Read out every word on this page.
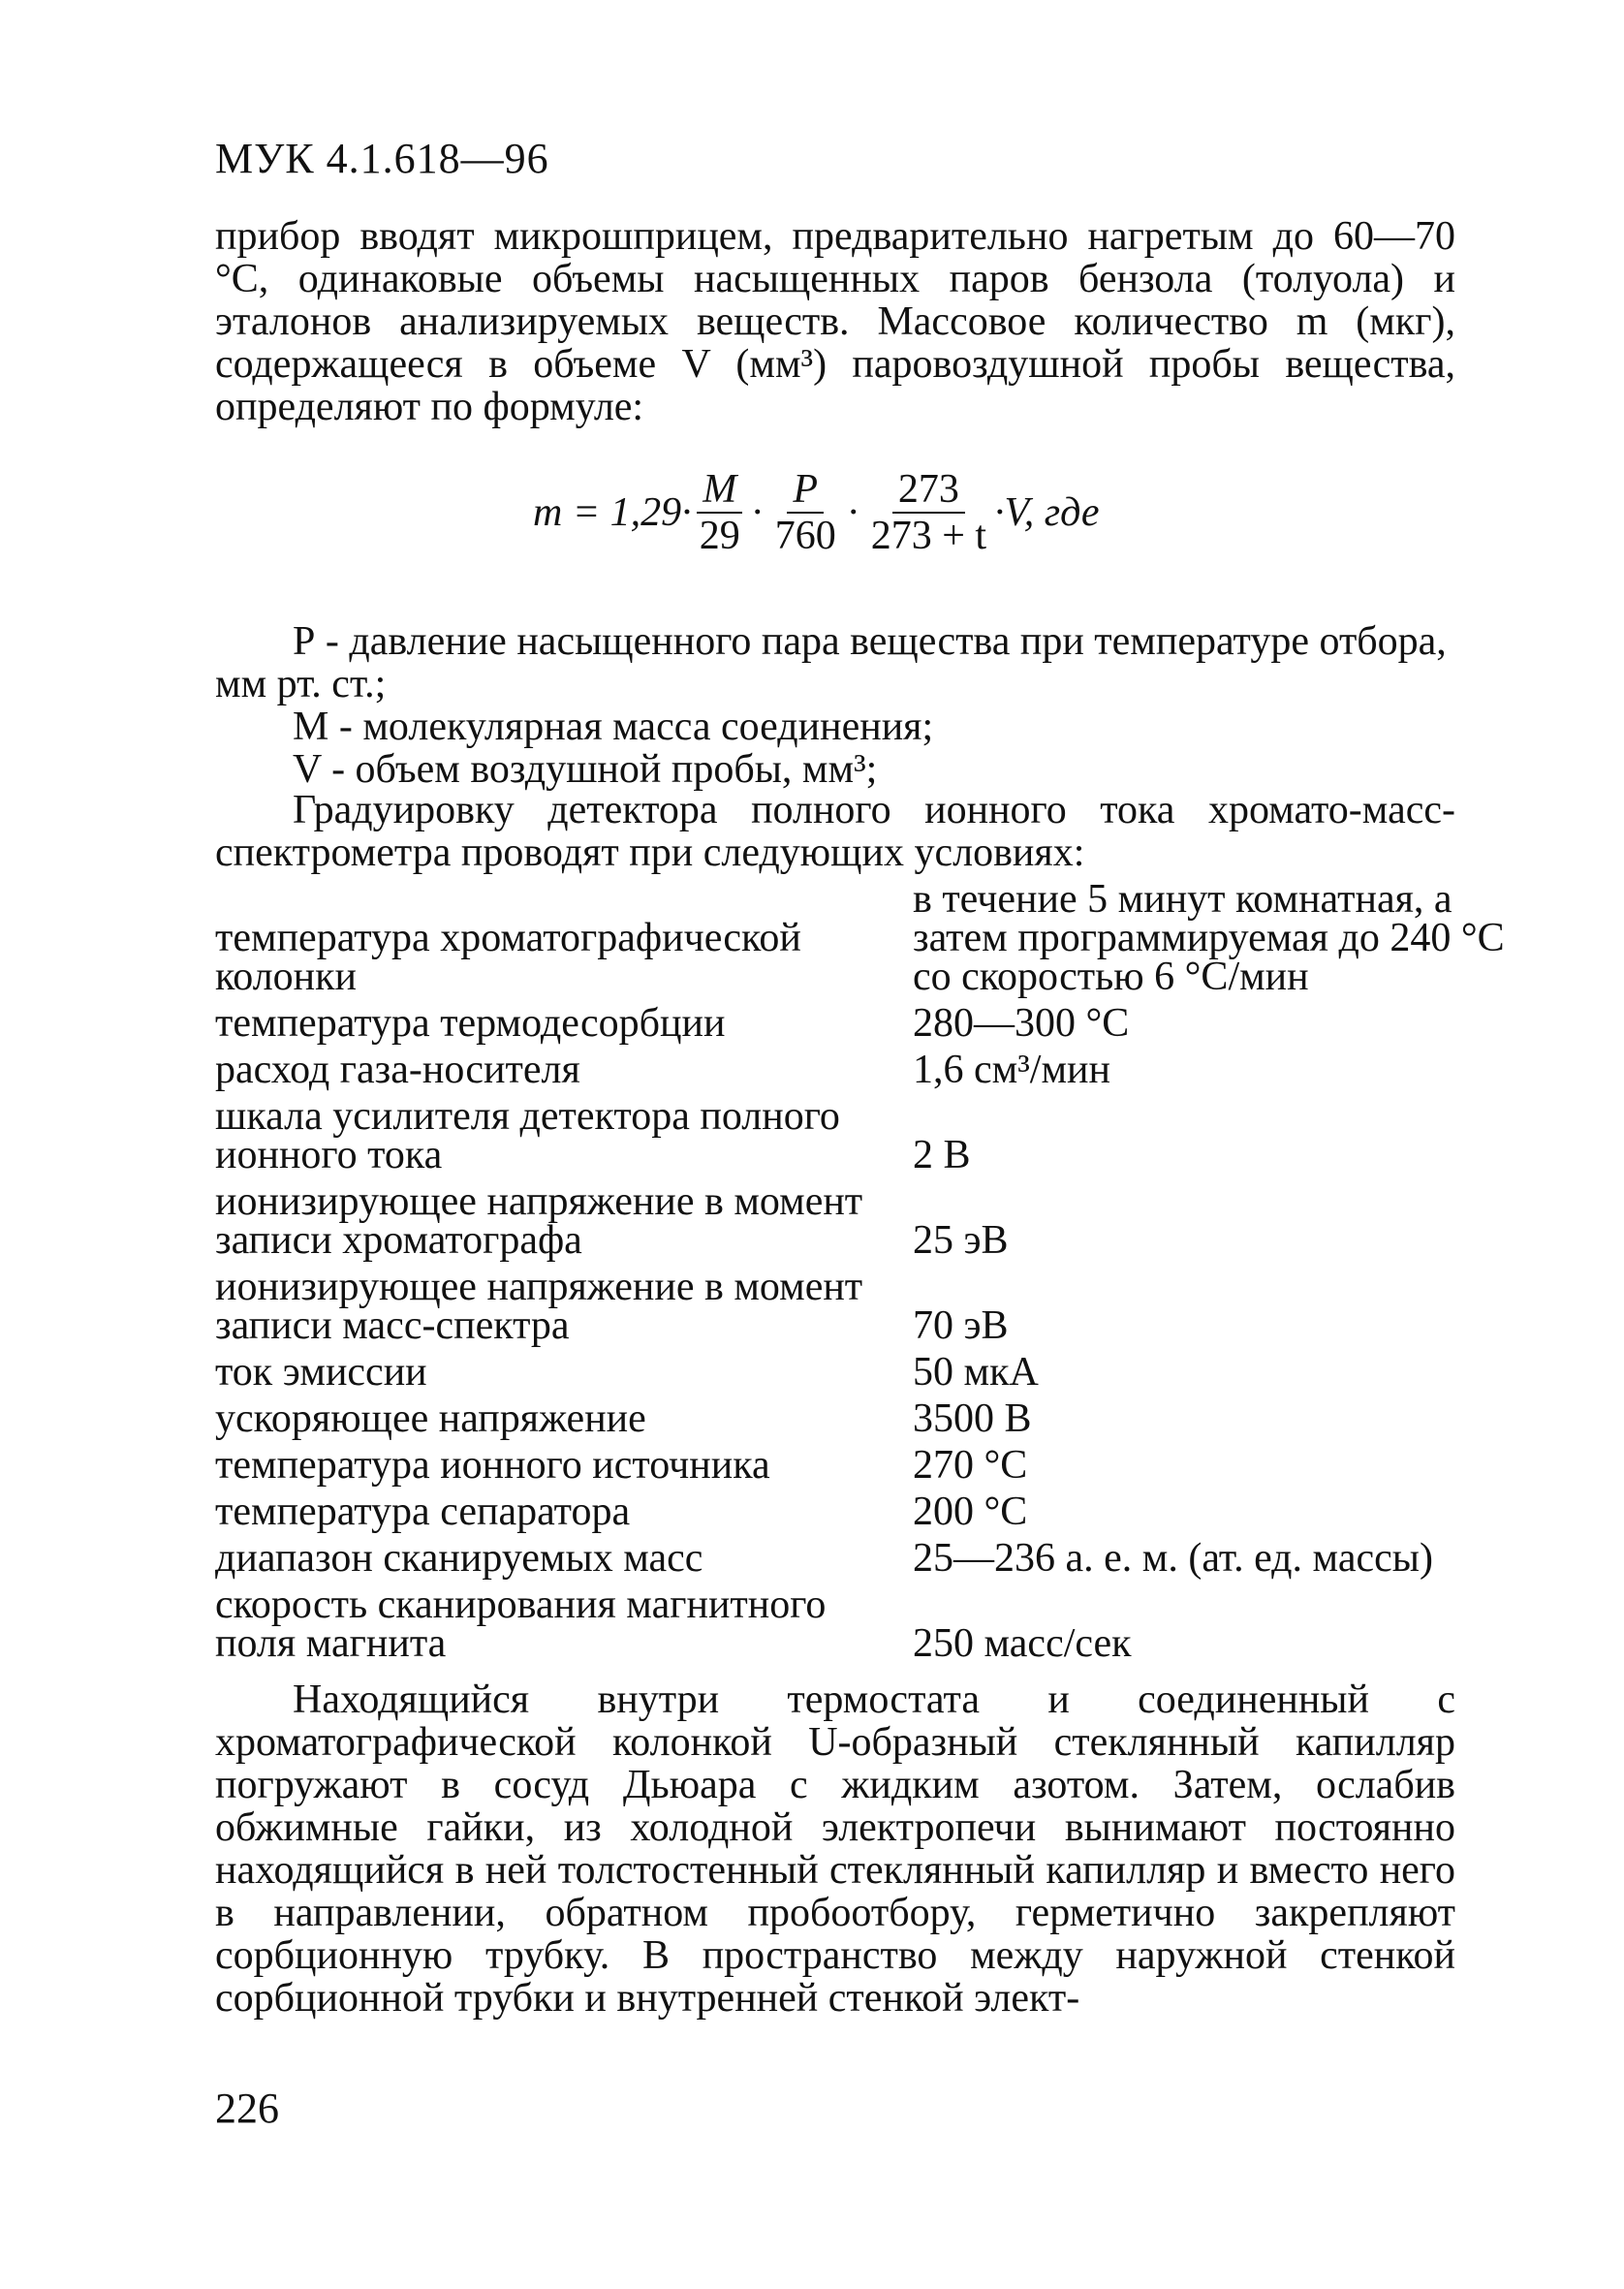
МУК 4.1.618—96

прибор вводят микрошприцем, предварительно нагретым до 60—70 °С, одинаковые объемы насыщенных паров бензола (толуола) и эталонов анализируемых веществ. Массовое количество m (мкг), содержащееся в объеме V (мм³) паровоздушной пробы вещества, определяют по формуле:

$m = 1,29\cdot \frac{M}{29} \cdot \frac{P}{760} \cdot \frac{273}{273 + t} \cdot V$, где

Р - давление насыщенного пара вещества при температуре отбора, мм рт. ст.;

М - молекулярная масса соединения;

V - объем воздушной пробы, мм³;

Градуировку детектора полного ионного тока хромато-масс-спектрометра проводят при следующих условиях:

температура хроматографической колонки	в течение 5 минут комнатная, а затем программируемая до 240 °С со скоростью 6 °С/мин
температура термодесорбции	280—300 °С
расход газа-носителя	1,6 см³/мин
шкала усилителя детектора полного ионного тока	2 В
ионизирующее напряжение в момент записи хроматографа	25 эВ
ионизирующее напряжение в момент записи масс-спектра	70 эВ
ток эмиссии	50 мкА
ускоряющее напряжение	3500 В
температура ионного источника	270 °С
температура сепаратора	200 °С
диапазон сканируемых масс	25—236 а. е. м. (ат. ед. массы)
скорость сканирования магнитного поля магнита	250 масс/сек

Находящийся внутри термостата и соединенный с хроматографической колонкой U-образный стеклянный капилляр погружают в сосуд Дьюара с жидким азотом. Затем, ослабив обжимные гайки, из холодной электропечи вынимают постоянно находящийся в ней толстостенный стеклянный капилляр и вместо него в направлении, обратном пробоотбору, герметично закрепляют сорбционную трубку. В пространство между наружной стенкой сорбционной трубки и внутренней стенкой элект-

226
